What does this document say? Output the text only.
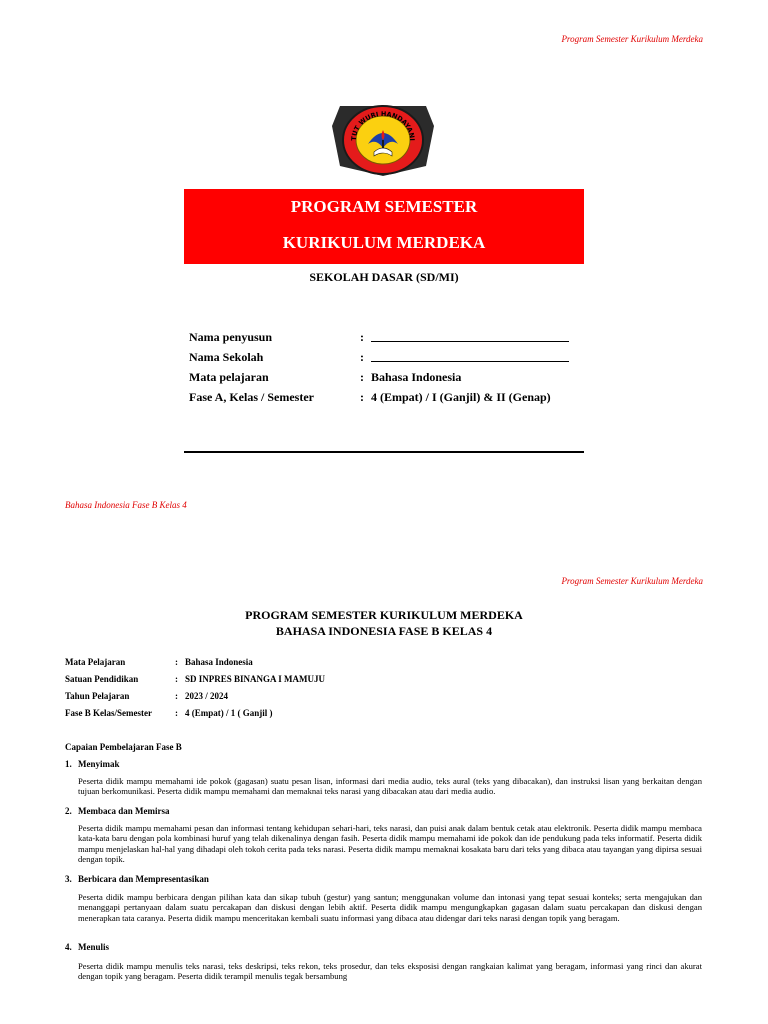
Program Semester Kurikulum Merdeka
TUT WURI HANDAYANI
PROGRAM SEMESTER
KURIKULUM MERDEKA
SEKOLAH DASAR (SD/MI)
Nama penyusun	:
Nama Sekolah	:
Mata pelajaran	: Bahasa Indonesia
Fase A, Kelas / Semester	: 4 (Empat) / I (Ganjil) & II (Genap)
Bahasa Indonesia Fase B Kelas 4
Program Semester Kurikulum Merdeka
PROGRAM SEMESTER KURIKULUM MERDEKA
BAHASA INDONESIA FASE B KELAS 4
Mata Pelajaran	: Bahasa Indonesia
Satuan Pendidikan	: SD INPRES BINANGA I MAMUJU
Tahun Pelajaran	: 2023 / 2024
Fase B Kelas/Semester	: 4 (Empat) / 1 ( Ganjil )
Capaian Pembelajaran Fase B
1. Menyimak
Peserta didik mampu memahami ide pokok (gagasan) suatu pesan lisan, informasi dari media audio, teks aural (teks yang dibacakan), dan instruksi lisan yang berkaitan dengan tujuan berkomunikasi. Peserta didik mampu memahami dan memaknai teks narasi yang dibacakan atau dari media audio.
2. Membaca dan Memirsa
Peserta didik mampu memahami pesan dan informasi tentang kehidupan sehari-hari, teks narasi, dan puisi anak dalam bentuk cetak atau elektronik. Peserta didik mampu membaca kata-kata baru dengan pola kombinasi huruf yang telah dikenalinya dengan fasih. Peserta didik mampu memahami ide pokok dan ide pendukung pada teks informatif. Peserta didik mampu menjelaskan hal-hal yang dihadapi oleh tokoh cerita pada teks narasi. Peserta didik mampu memaknai kosakata baru dari teks yang dibaca atau tayangan yang dipirsa sesuai dengan topik.
3. Berbicara dan Mempresentasikan
Peserta didik mampu berbicara dengan pilihan kata dan sikap tubuh (gestur) yang santun; menggunakan volume dan intonasi yang tepat sesuai konteks; serta mengajukan dan menanggapi pertanyaan dalam suatu percakapan dan diskusi dengan lebih aktif. Peserta didik mampu mengungkapkan gagasan dalam suatu percakapan dan diskusi dengan menerapkan tata caranya. Peserta didik mampu menceritakan kembali suatu informasi yang dibaca atau didengar dari teks narasi dengan topik yang beragam.
4. Menulis
Peserta didik mampu menulis teks narasi, teks deskripsi, teks rekon, teks prosedur, dan teks eksposisi dengan rangkaian kalimat yang beragam, informasi yang rinci dan akurat dengan topik yang beragam. Peserta didik terampil menulis tegak bersambung
